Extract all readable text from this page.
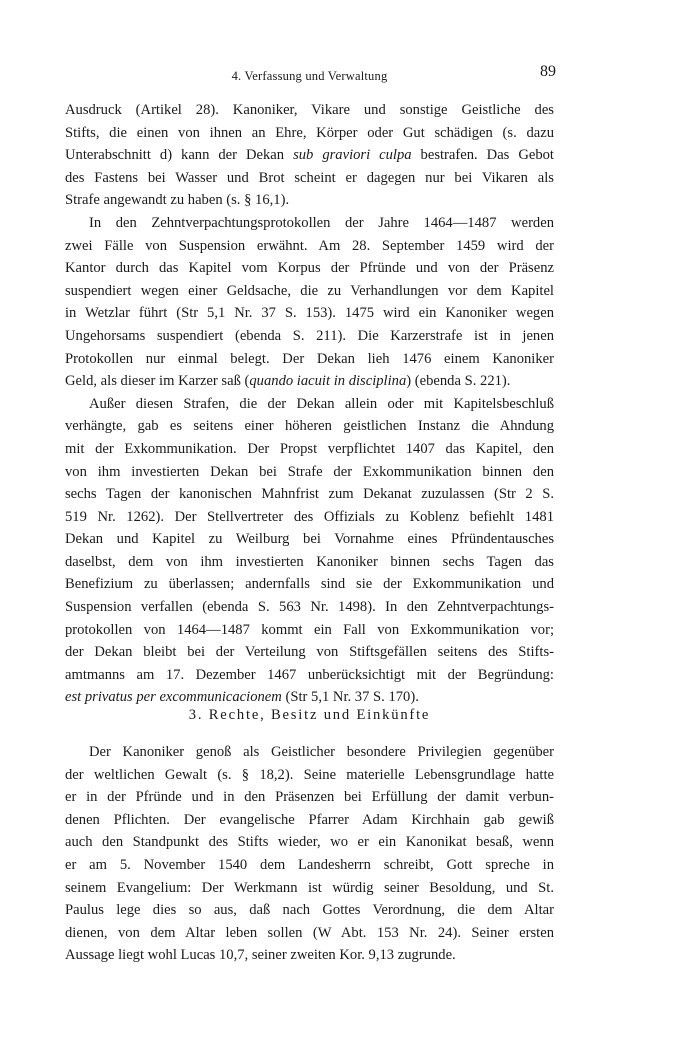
4. Verfassung und Verwaltung	89
Ausdruck (Artikel 28). Kanoniker, Vikare und sonstige Geistliche des
Stifts, die einen von ihnen an Ehre, Körper oder Gut schädigen (s. dazu
Unterabschnitt d) kann der Dekan sub graviori culpa bestrafen. Das Gebot
des Fastens bei Wasser und Brot scheint er dagegen nur bei Vikaren als
Strafe angewandt zu haben (s. § 16,1).
In den Zehntverpachtungsprotokollen der Jahre 1464—1487 werden
zwei Fälle von Suspension erwähnt. Am 28. September 1459 wird der
Kantor durch das Kapitel vom Korpus der Pfründe und von der Präsenz
suspendiert wegen einer Geldsache, die zu Verhandlungen vor dem Kapitel
in Wetzlar führt (Str 5,1 Nr. 37 S. 153). 1475 wird ein Kanoniker wegen
Ungehorsams suspendiert (ebenda S. 211). Die Karzerstrafe ist in jenen
Protokollen nur einmal belegt. Der Dekan lieh 1476 einem Kanoniker
Geld, als dieser im Karzer saß (quando iacuit in disciplina) (ebenda S. 221).
Außer diesen Strafen, die der Dekan allein oder mit Kapitelsbeschluß
verhängte, gab es seitens einer höheren geistlichen Instanz die Ahndung
mit der Exkommunikation. Der Propst verpflichtet 1407 das Kapitel, den
von ihm investierten Dekan bei Strafe der Exkommunikation binnen den
sechs Tagen der kanonischen Mahnfrist zum Dekanat zuzulassen (Str 2 S.
519 Nr. 1262). Der Stellvertreter des Offizials zu Koblenz befiehlt 1481
Dekan und Kapitel zu Weilburg bei Vornahme eines Pfründentausches
daselbst, dem von ihm investierten Kanoniker binnen sechs Tagen das
Benefizium zu überlassen; andernfalls sind sie der Exkommunikation und
Suspension verfallen (ebenda S. 563 Nr. 1498). In den Zehntverpachtungs-
protokollen von 1464—1487 kommt ein Fall von Exkommunikation vor;
der Dekan bleibt bei der Verteilung von Stiftsgefällen seitens des Stifts-
amtmanns am 17. Dezember 1467 unberücksichtigt mit der Begründung:
est privatus per excommunicacionem (Str 5,1 Nr. 37 S. 170).
3. Rechte, Besitz und Einkünfte
Der Kanoniker genoß als Geistlicher besondere Privilegien gegenüber
der weltlichen Gewalt (s. § 18,2). Seine materielle Lebensgrundlage hatte
er in der Pfründe und in den Präsenzen bei Erfüllung der damit verbun-
denen Pflichten. Der evangelische Pfarrer Adam Kirchhain gab gewiß
auch den Standpunkt des Stifts wieder, wo er ein Kanonikat besaß, wenn
er am 5. November 1540 dem Landesherrn schreibt, Gott spreche in
seinem Evangelium: Der Werkmann ist würdig seiner Besoldung, und St.
Paulus lege dies so aus, daß nach Gottes Verordnung, die dem Altar
dienen, von dem Altar leben sollen (W Abt. 153 Nr. 24). Seiner ersten
Aussage liegt wohl Lucas 10,7, seiner zweiten Kor. 9,13 zugrunde.
